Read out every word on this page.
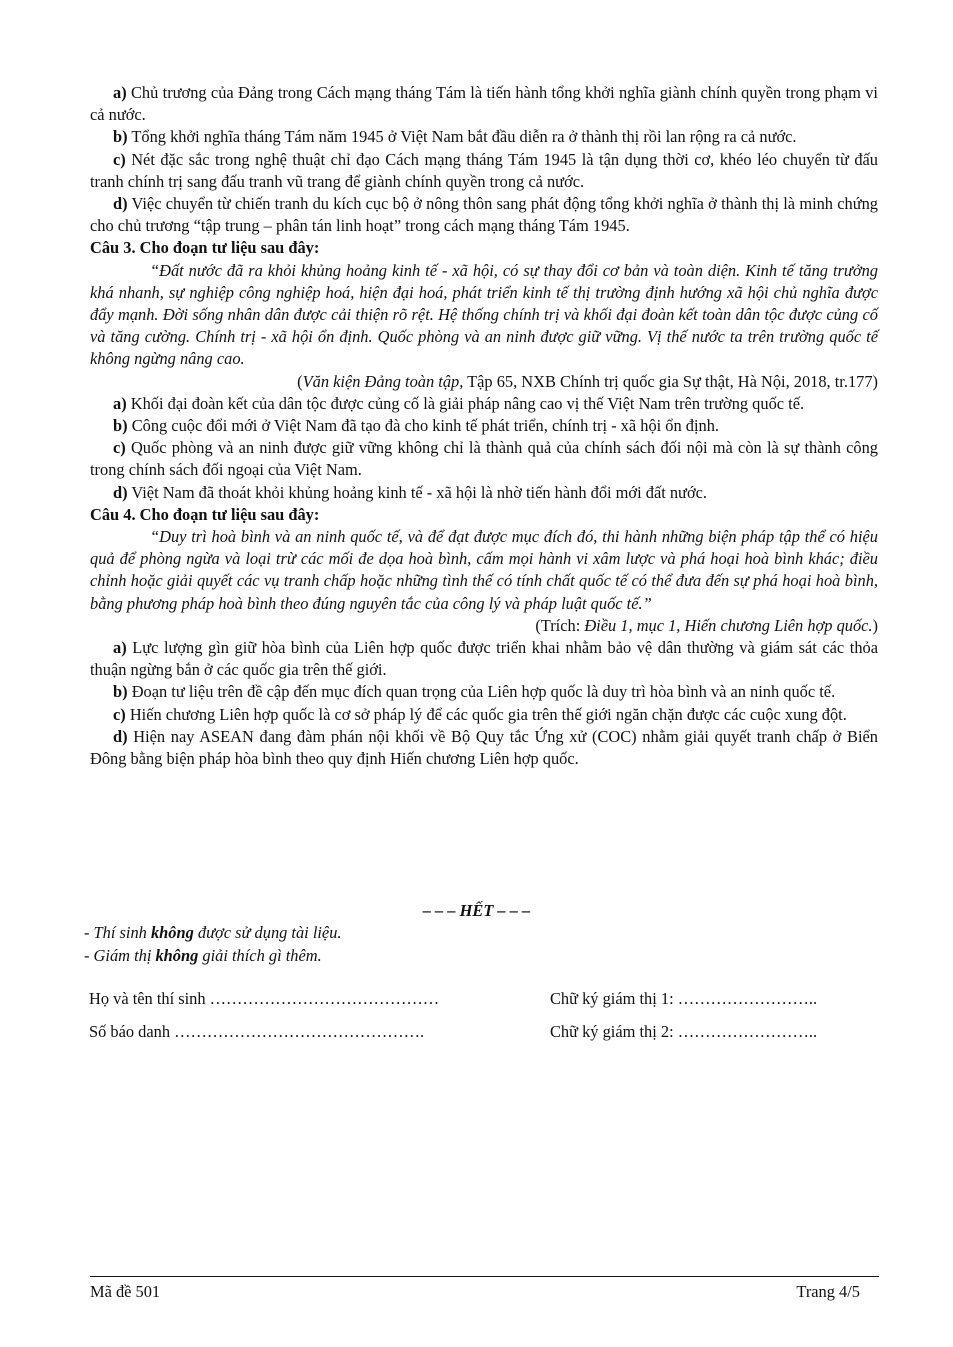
a) Chủ trương của Đảng trong Cách mạng tháng Tám là tiến hành tổng khởi nghĩa giành chính quyền trong phạm vi cả nước.

b) Tổng khởi nghĩa tháng Tám năm 1945 ở Việt Nam bắt đầu diễn ra ở thành thị rồi lan rộng ra cả nước.

c) Nét đặc sắc trong nghệ thuật chỉ đạo Cách mạng tháng Tám 1945 là tận dụng thời cơ, khéo léo chuyển từ đấu tranh chính trị sang đấu tranh vũ trang để giành chính quyền trong cả nước.

d) Việc chuyển từ chiến tranh du kích cục bộ ở nông thôn sang phát động tổng khởi nghĩa ở thành thị là minh chứng cho chủ trương “tập trung – phân tán linh hoạt” trong cách mạng tháng Tám 1945.

Câu 3. Cho đoạn tư liệu sau đây:

“Đất nước đã ra khỏi khủng hoảng kinh tế - xã hội, có sự thay đổi cơ bản và toàn diện. Kinh tế tăng trưởng khá nhanh, sự nghiệp công nghiệp hoá, hiện đại hoá, phát triển kinh tế thị trường định hướng xã hội chủ nghĩa được đẩy mạnh. Đời sống nhân dân được cải thiện rõ rệt. Hệ thống chính trị và khối đại đoàn kết toàn dân tộc được củng cố và tăng cường. Chính trị - xã hội ổn định. Quốc phòng và an ninh được giữ vững. Vị thế nước ta trên trường quốc tế không ngừng nâng cao.

(Văn kiện Đảng toàn tập, Tập 65, NXB Chính trị quốc gia Sự thật, Hà Nội, 2018, tr.177)

a) Khối đại đoàn kết của dân tộc được củng cố là giải pháp nâng cao vị thế Việt Nam trên trường quốc tế.

b) Công cuộc đổi mới ở Việt Nam đã tạo đà cho kinh tế phát triển, chính trị - xã hội ổn định.

c) Quốc phòng và an ninh được giữ vững không chỉ là thành quả của chính sách đối nội mà còn là sự thành công trong chính sách đối ngoại của Việt Nam.

d) Việt Nam đã thoát khỏi khủng hoảng kinh tế - xã hội là nhờ tiến hành đổi mới đất nước.

Câu 4. Cho đoạn tư liệu sau đây:

“Duy trì hoà bình và an ninh quốc tế, và để đạt được mục đích đó, thi hành những biện pháp tập thể có hiệu quả để phòng ngừa và loại trừ các mối đe dọa hoà bình, cấm mọi hành vi xâm lược và phá hoại hoà bình khác; điều chỉnh hoặc giải quyết các vụ tranh chấp hoặc những tình thế có tính chất quốc tế có thể đưa đến sự phá hoại hoà bình, bằng phương pháp hoà bình theo đúng nguyên tắc của công lý và pháp luật quốc tế.”

(Trích: Điều 1, mục 1, Hiến chương Liên hợp quốc.)

a) Lực lượng gìn giữ hòa bình của Liên hợp quốc được triển khai nhằm bảo vệ dân thường và giám sát các thỏa thuận ngừng bắn ở các quốc gia trên thế giới.

b) Đoạn tư liệu trên đề cập đến mục đích quan trọng của Liên hợp quốc là duy trì hòa bình và an ninh quốc tế.

c) Hiến chương Liên hợp quốc là cơ sở pháp lý để các quốc gia trên thế giới ngăn chặn được các cuộc xung đột.

d) Hiện nay ASEAN đang đàm phán nội khối về Bộ Quy tắc Ứng xử (COC) nhằm giải quyết tranh chấp ở Biển Đông bằng biện pháp hòa bình theo quy định Hiến chương Liên hợp quốc.

– – – HẾT – – –
- Thí sinh không được sử dụng tài liệu.
- Giám thị không giải thích gì thêm.
Họ và tên thí sinh ……………………………………	Chữ ký giám thị 1: ……………………..
Số báo danh ……………………………………….	Chữ ký giám thị 2: ……………………..
Mã đề 501	Trang 4/5
